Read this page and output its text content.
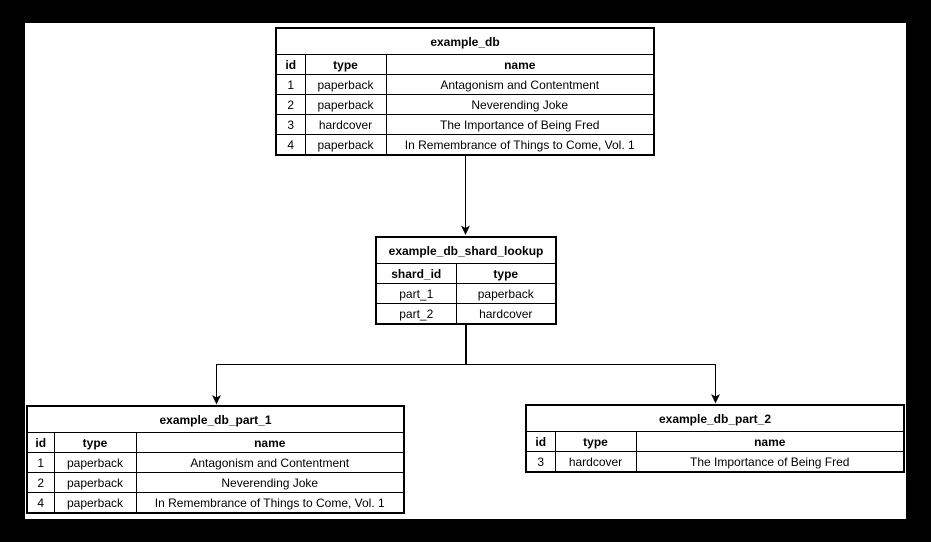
example_db		
id	type	name
1	paperback	Antagonism and Contentment
2	paperback	Neverending Joke
3	hardcover	The Importance of Being Fred
4	paperback	In Remembrance of Things to Come, Vol. 1
example_db_shard_lookup	
shard_id	type
part_1	paperback
part_2	hardcover
example_db_part_1		
id	type	name
1	paperback	Antagonism and Contentment
2	paperback	Neverending Joke
4	paperback	In Remembrance of Things to Come, Vol. 1
example_db_part_2		
id	type	name
3	hardcover	The Importance of Being Fred
